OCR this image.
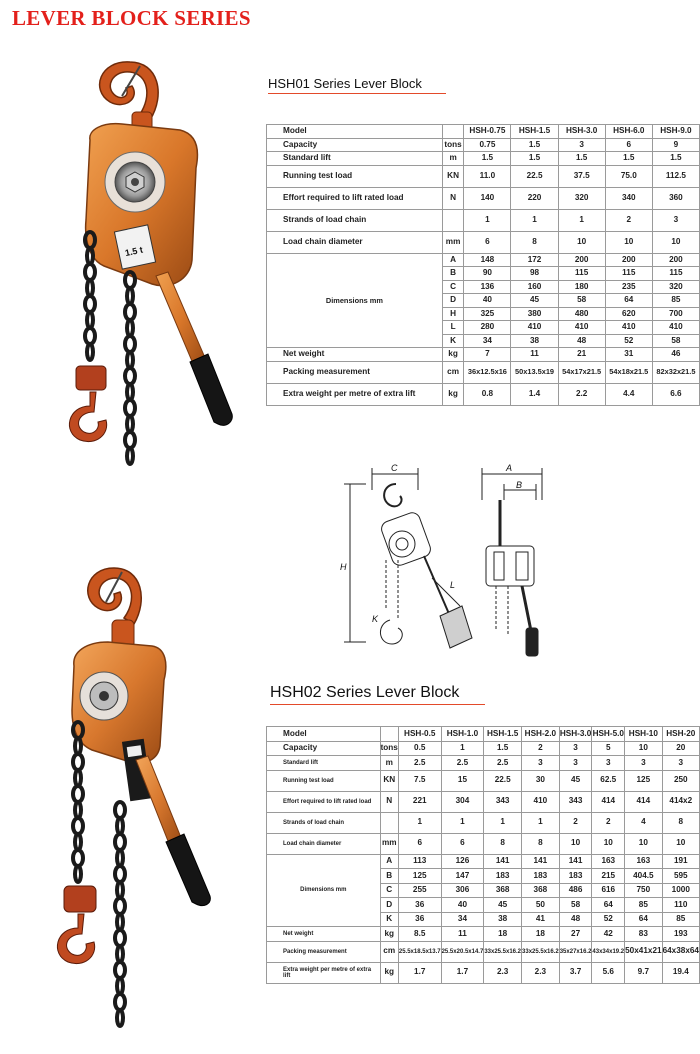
LEVER BLOCK SERIES
1.5 t
HSH01 Series Lever Block
Model		HSH-0.75	HSH-1.5	HSH-3.0	HSH-6.0	HSH-9.0
Capacity	tons	0.75	1.5	3	6	9
Standard lift	m	1.5	1.5	1.5	1.5	1.5
Running test load	KN	11.0	22.5	37.5	75.0	112.5
Effort required to lift rated load	N	140	220	320	340	360
Strands of load chain		1	1	1	2	3
Load chain diameter	mm	6	8	10	10	10
Dimensions mm	A	148	172	200	200	200
	B	90	98	115	115	115
	C	136	160	180	235	320
	D	40	45	58	64	85
	H	325	380	480	620	700
	L	280	410	410	410	410
	K	34	38	48	52	58
Net weight	kg	7	11	21	31	46
Packing measurement	cm	36x12.5x16	50x13.5x19	54x17x21.5	54x18x21.5	82x32x21.5
Extra weight per metre of extra lift	kg	0.8	1.4	2.2	4.4	6.6
C	A
B
H
L
K
HSH02 Series Lever Block
Model		HSH-0.5	HSH-1.0	HSH-1.5	HSH-2.0	HSH-3.0	HSH-5.0	HSH-10	HSH-20
Capacity	tons	0.5	1	1.5	2	3	5	10	20
Standard lift	m	2.5	2.5	2.5	3	3	3	3	3
Running test load	KN	7.5	15	22.5	30	45	62.5	125	250
Effort required to lift rated load	N	221	304	343	410	343	414	414	414x2
Strands of load chain		1	1	1	1	2	2	4	8
Load chain diameter	mm	6	6	8	8	10	10	10	10
Dimensions mm	A	113	126	141	141	141	163	163	191
	B	125	147	183	183	183	215	404.5	595
	C	255	306	368	368	486	616	750	1000
	D	36	40	45	50	58	64	85	110
	K	36	34	38	41	48	52	64	85
Net weight	kg	8.5	11	18	18	27	42	83	193
Packing measurement	cm	25.5x18.5x13.7	25.5x20.5x14.7	33x25.5x16.2	33x25.5x16.2	35x27x16.2	43x34x19.2	50x41x21	64x38x64
Extra weight per metre of extra lift	kg	1.7	1.7	2.3	2.3	3.7	5.6	9.7	19.4
